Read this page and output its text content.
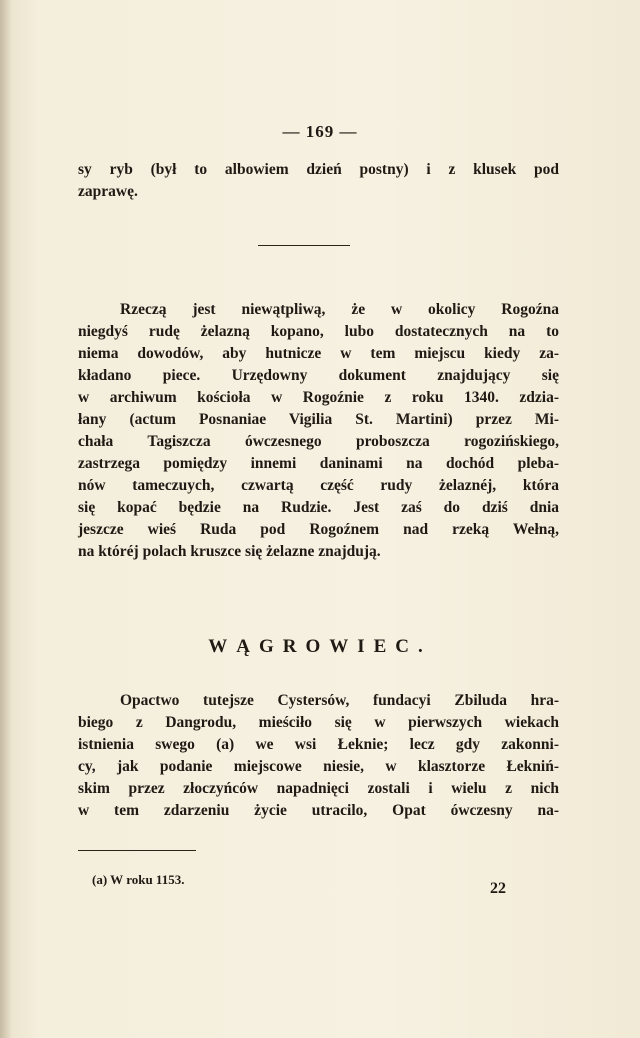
— 169 —
sy ryb (był to albowiem dzień postny) i z klusek pod
zaprawę.
Rzeczą jest niewątpliwą, że w okolicy Rogoźna
niegdyś rudę żelazną kopano, lubo dostatecznych na to
niema dowodów, aby hutnicze w tem miejscu kiedy za-
kładano piece. Urzędowny dokument znajdujący się
w archiwum kościoła w Rogoźnie z roku 1340. zdzia-
łany (actum Posnaniae Vigilia St. Martini) przez Mi-
chała Tagiszcza ówczesnego proboszcza rogozińskiego,
zastrzega pomiędzy innemi daninami na dochód pleba-
nów tameczuych, czwartą część rudy żelaznéj, która
się kopać będzie na Rudzie. Jest zaś do dziś dnia
jeszcze wieś Ruda pod Rogoźnem nad rzeką Wełną,
na któréj polach kruszce się żelazne znajdują.
WĄGROWIEC.
Opactwo tutejsze Cystersów, fundacyi Zbiluda hra-
biego z Dangrodu, mieściło się w pierwszych wiekach
istnienia swego (a) we wsi Łeknie; lecz gdy zakonni-
cy, jak podanie miejscowe niesie, w klasztorze Łekniń-
skim przez złoczyńców napadnięci zostali i wielu z nich
w tem zdarzeniu życie utracilo, Opat ówczesny na-
(a) W roku 1153.
22
